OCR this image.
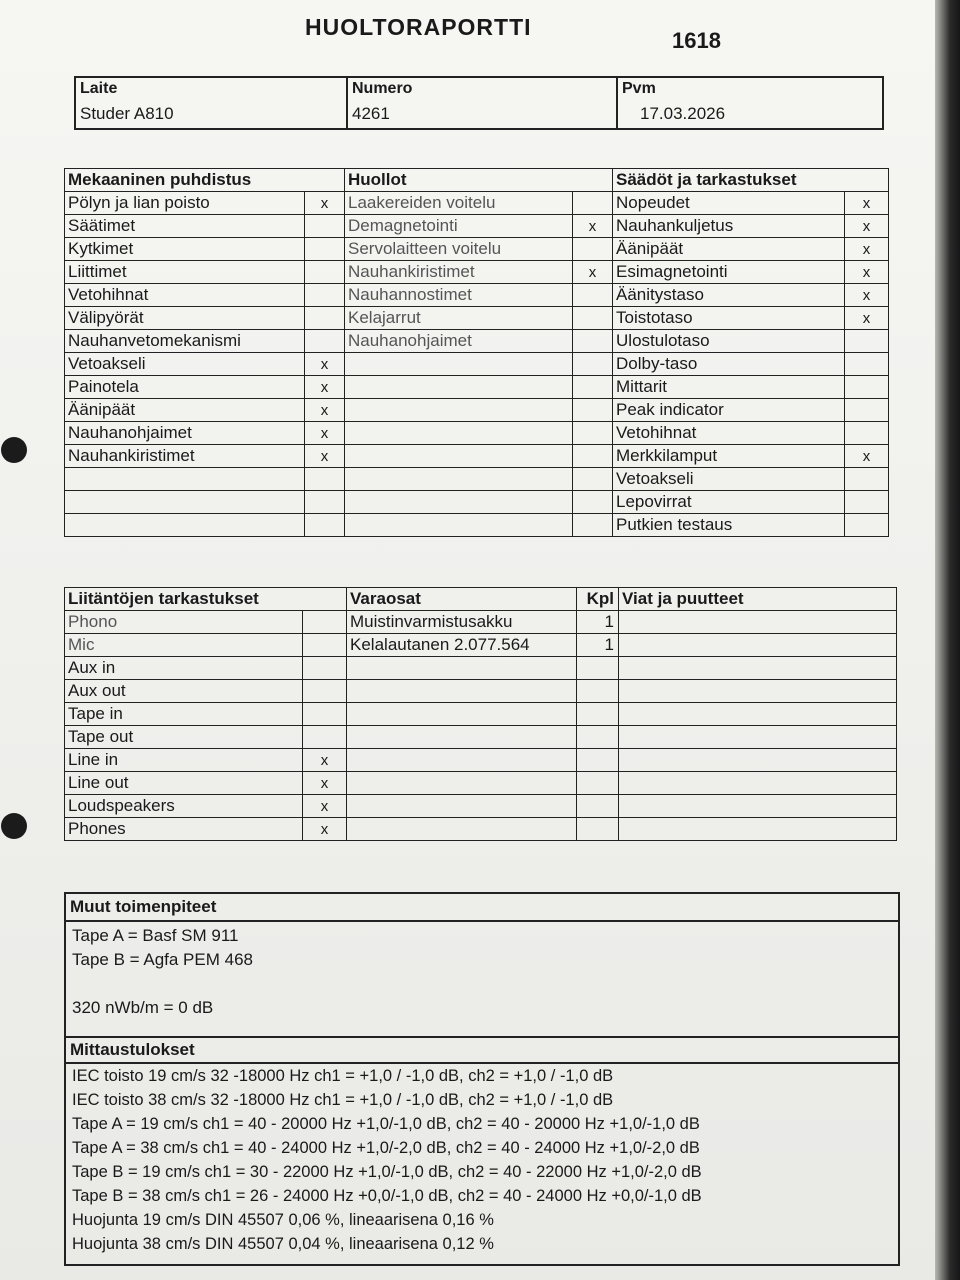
HUOLTORAPORTTI
1618
Laite
Studer A810
Numero
4261
Pvm
17.03.2026
Mekaaninen puhdistus		Huollot		Säädöt ja tarkastukset	
Pölyn ja lian poisto	x	Laakereiden voitelu		Nopeudet	x
Säätimet		Demagnetointi	x	Nauhankuljetus	x
Kytkimet		Servolaitteen voitelu		Äänipäät	x
Liittimet		Nauhankiristimet	x	Esimagnetointi	x
Vetohihnat		Nauhannostimet		Äänitystaso	x
Välipyörät		Kelajarrut		Toistotaso	x
Nauhanvetomekanismi		Nauhanohjaimet		Ulostulotaso	
Vetoakseli	x			Dolby-taso	
Painotela	x			Mittarit	
Äänipäät	x			Peak indicator	
Nauhanohjaimet	x			Vetohihnat	
Nauhankiristimet	x			Merkkilamput	x
				Vetoakseli	
				Lepovirrat	
				Putkien testaus	
Liitäntöjen tarkastukset		Varaosat	Kpl	Viat ja puutteet
Phono		Muistinvarmistusakku	1	
Mic		Kelalautanen 2.077.564	1	
Aux in				
Aux out				
Tape in				
Tape out				
Line in	x			
Line out	x			
Loudspeakers	x			
Phones	x			
Muut toimenpiteet
Tape A = Basf SM 911
Tape B = Agfa PEM 468
320 nWb/m = 0 dB
Mittaustulokset
IEC toisto 19 cm/s 32 -18000 Hz ch1 = +1,0 / -1,0 dB, ch2 = +1,0 / -1,0 dB
IEC toisto 38 cm/s 32 -18000 Hz ch1 = +1,0 / -1,0 dB, ch2 = +1,0 / -1,0 dB
Tape A = 19 cm/s ch1 = 40 - 20000 Hz +1,0/-1,0 dB, ch2 = 40 - 20000 Hz +1,0/-1,0 dB
Tape A = 38 cm/s ch1 = 40 - 24000 Hz +1,0/-2,0 dB, ch2 = 40 - 24000 Hz +1,0/-2,0 dB
Tape B = 19 cm/s ch1 = 30 - 22000 Hz +1,0/-1,0 dB, ch2 = 40 - 22000 Hz +1,0/-2,0 dB
Tape B = 38 cm/s ch1 = 26 - 24000 Hz +0,0/-1,0 dB, ch2 = 40 - 24000 Hz +0,0/-1,0 dB
Huojunta 19 cm/s DIN 45507 0,06 %, lineaarisena 0,16 %
Huojunta 38 cm/s DIN 45507 0,04 %, lineaarisena 0,12 %
